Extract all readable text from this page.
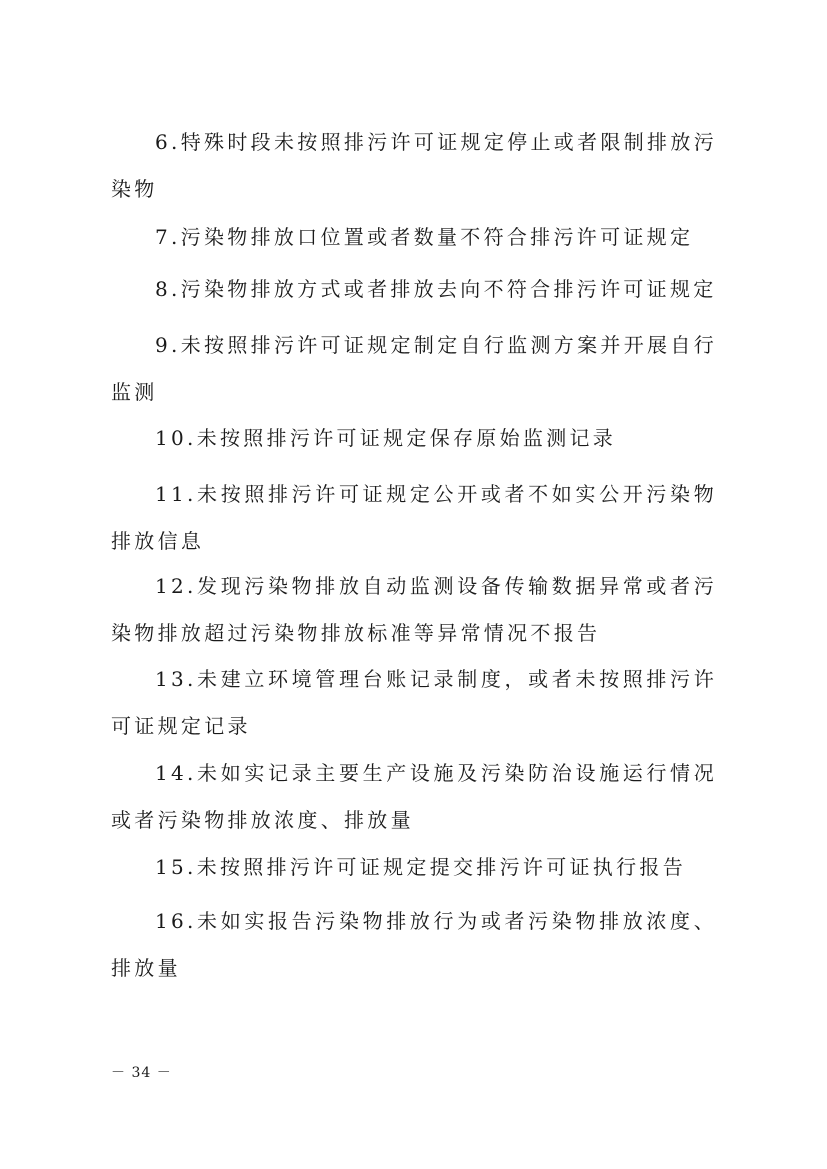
6.特殊时段未按照排污许可证规定停止或者限制排放污染物

7.污染物排放口位置或者数量不符合排污许可证规定

8.污染物排放方式或者排放去向不符合排污许可证规定

9.未按照排污许可证规定制定自行监测方案并开展自行监测

10.未按照排污许可证规定保存原始监测记录

11.未按照排污许可证规定公开或者不如实公开污染物排放信息

12.发现污染物排放自动监测设备传输数据异常或者污染物排放超过污染物排放标准等异常情况不报告

13.未建立环境管理台账记录制度，或者未按照排污许可证规定记录

14.未如实记录主要生产设施及污染防治设施运行情况或者污染物排放浓度、排放量

15.未按照排污许可证规定提交排污许可证执行报告

16.未如实报告污染物排放行为或者污染物排放浓度、排放量

－ 34 －
